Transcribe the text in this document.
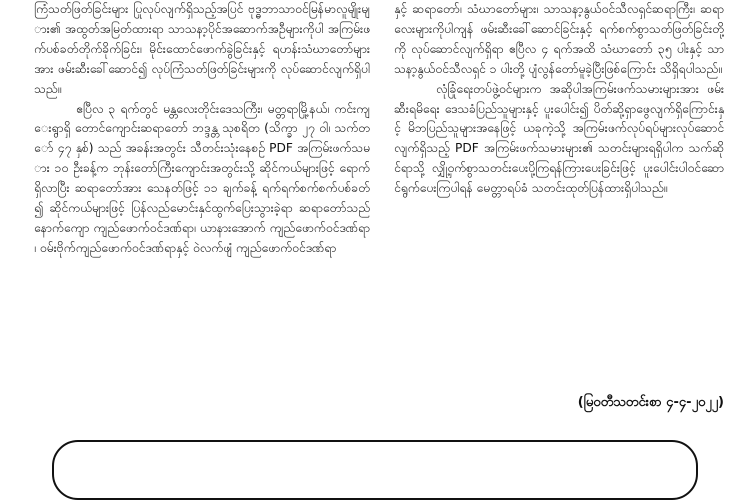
ကြံသတ်ဖြတ်ခြင်းများ ပြုလုပ်လျက်ရှိသည့်အပြင် ဗုဒ္ဓဘာသာဝင်မြန်မာလူမျိုးများ၏ အထွတ်အမြတ်ထားရာ သာသနာ့ပိုင်အဆောက်အဦများကိုပါ အကြမ်းဖက်ပစ်ခတ်တိုက်ခိုက်ခြင်း၊ မိုင်းထောင်ဖောက်ခွဲခြင်းနှင့် ရဟန်းသံဃာတော်များအား ဖမ်းဆီးခေါ်ဆောင်၍ လုပ်ကြံသတ်ဖြတ်ခြင်းများကို လုပ်ဆောင်လျက်ရှိပါသည်။

ဧပြီလ ၃ ရက်တွင် မန္တလေးတိုင်းဒေသကြီး၊ မတ္တရာမြို့နယ်၊ ကင်းကျေးရွာရှိ တောင်ကျောင်းဆရာတော် ဘဒ္ဒန္တ သုစရိတ (သိက္ခာ ၂၇ ဝါ၊ သက်တော် ၄၇ နှစ်) သည် အခန်းအတွင်း သီတင်းသုံးနေစဉ် PDF အကြမ်းဖက်သမား ၁၀ ဦးခန့်က ဘုန်းတော်ကြီးကျောင်းအတွင်းသို့ ဆိုင်ကယ်များဖြင့် ရောက်ရှိလာပြီး ဆရာတော်အား သေနတ်ဖြင့် ၁၁ ချက်ခန့် ရက်ရက်စက်စက်ပစ်ခတ်၍ ဆိုင်ကယ်များဖြင့် ပြန်လည်မောင်းနှင်ထွက်ပြေးသွားခဲ့ရာ ဆရာတော်သည် နောက်ကျော ကျည်ဖောက်ဝင်ဒဏ်ရာ၊ ယာနားအောက် ကျည်ဖောက်ဝင်ဒဏ်ရာ၊ ဝမ်းဗိုက်ကျည်ဖောက်ဝင်ဒဏ်ရာနှင့် ဝဲလက်ဖျံ ကျည်ဖောက်ဝင်ဒဏ်ရာ

နှင့် ဆရာတော်၊ သံဃာတော်များ၊ သာသနာ့နွယ်ဝင်သီလရှင်ဆရာကြီး၊ ဆရာလေးများကိုပါကျန် ဖမ်းဆီးခေါ်ဆောင်ခြင်းနှင့် ရက်စက်စွာသတ်ဖြတ်ခြင်းတို့ကို လုပ်ဆောင်လျက်ရှိရာ ဧပြီလ ၄ ရက်အထိ သံဃာတော် ၃၅ ပါးနှင့် သာသနာ့နွယ်ဝင်သီလရှင် ၁ ပါးတို့ ပျံလွန်တော်မူခဲ့ပြီးဖြစ်ကြောင်း သိရှိရပါသည်။

လုံခြုံရေးတပ်ဖွဲ့ဝင်များက အဆိုပါအကြမ်းဖက်သမားများအား ဖမ်းဆီးရမိရေး ဒေသခံပြည်သူများနှင့် ပူးပေါင်း၍ ပိတ်ဆို့ရှာဖွေလျက်ရှိကြောင်းနှင့် မိဘပြည်သူများအနေဖြင့် ယခုကဲ့သို့ အကြမ်းဖက်လုပ်ရပ်များလုပ်ဆောင်လျက်ရှိသည့် PDF အကြမ်းဖက်သမားများ၏ သတင်းများရရှိပါက သက်ဆိုင်ရာသို့ လျှို့ဝှက်စွာသတင်းပေးပို့ကြရန်ကြားပေးခြင်းဖြင့် ပူးပေါင်းပါဝင်ဆောင်ရွက်ပေးကြပါရန် မေတ္တာရပ်ခံ သတင်းထုတ်ပြန်ထားရှိပါသည်။

(မြဝတီသတင်းစာ ၄-၄-၂၀၂၂)
